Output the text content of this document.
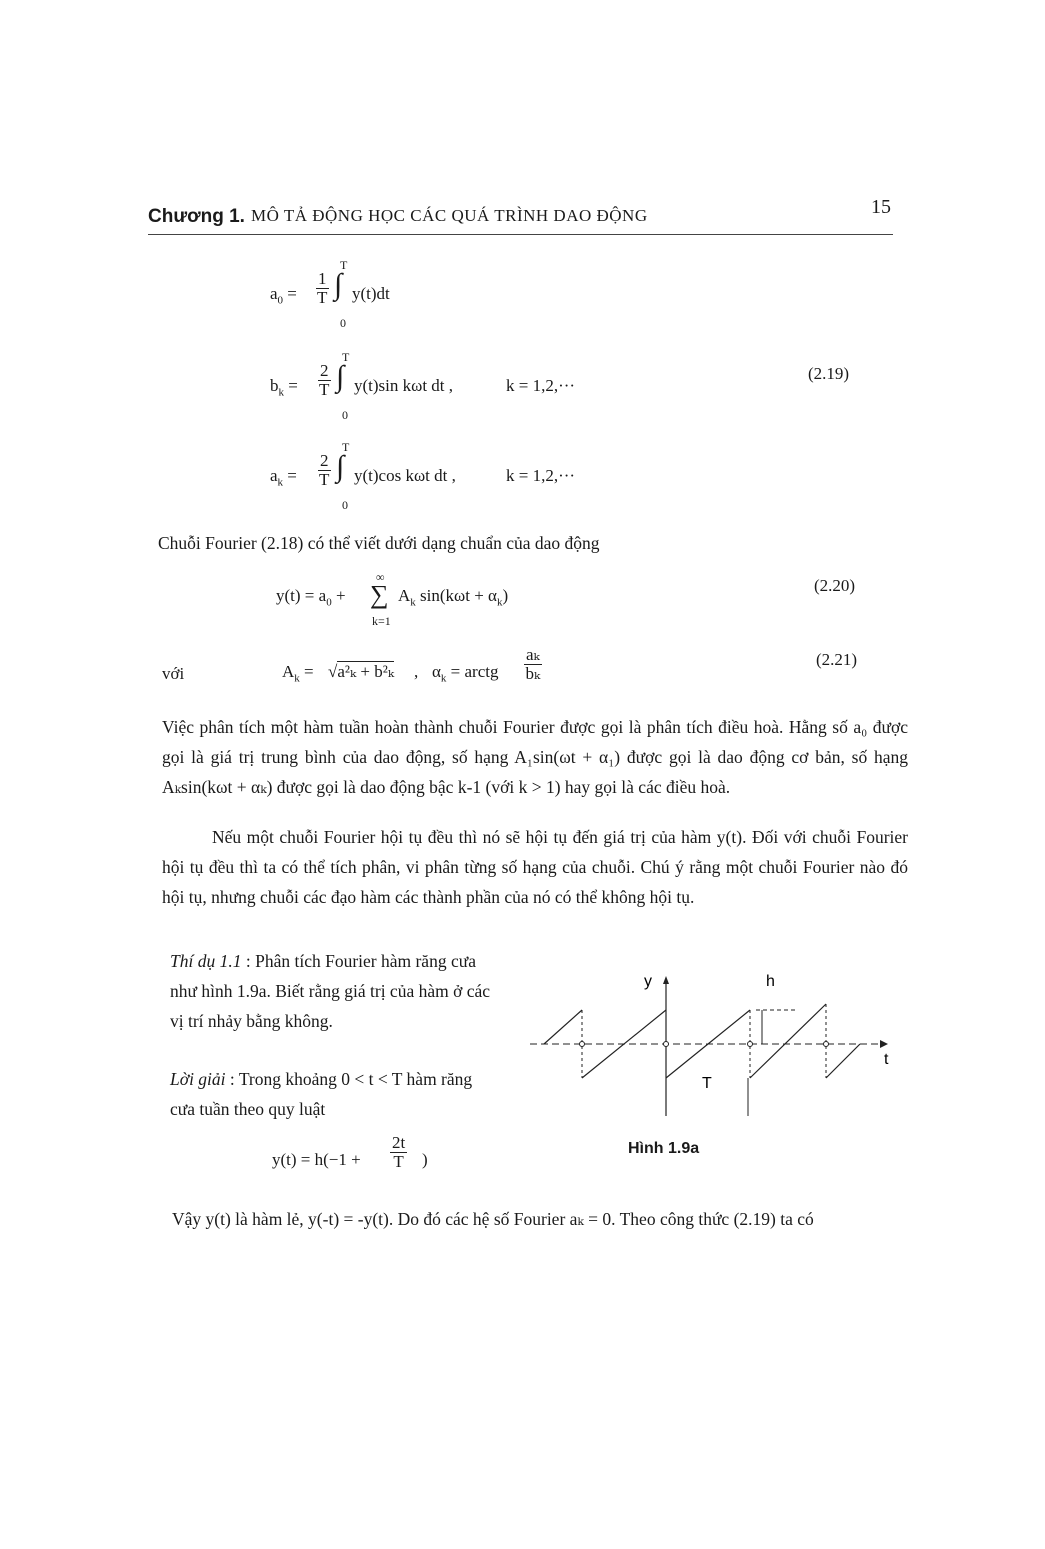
Chương 1. MÔ TẢ ĐỘNG HỌC CÁC QUÁ TRÌNH DAO ĐỘNG	15
$a_0 = \frac{1}{T}$
T
∫
0
y(t)dt
$b_k = \frac{2}{T}$
T
∫
0
y(t)sin kωt dt ,	k = 1,2,···
(2.19)
$a_k = \frac{2}{T}$
T
∫
0
y(t)cos kωt dt ,	k = 1,2,···
Chuỗi Fourier (2.18) có thể viết dưới dạng chuẩn của dao động
$y(t) = a_0$ +
∞
∑
k=1
$A_k$ $\sin(k\omega t + \alpha_k)$
(2.20)
với	$A_k = √a^2_k + b^2_k$ , $\alpha_k$ = arctg $\frac{\text{aₖ}}{\text{bₖ}}$	(2.21)
Việc phân tích một hàm tuần hoàn thành chuỗi Fourier được gọi là phân tích điều hoà. Hằng số a₀ được gọi là giá trị trung bình của dao động, số hạng A₁sin(ωt + α₁) được gọi là dao động cơ bản, số hạng Aₖsin(kωt + αₖ) được gọi là dao động bậc k-1 (với k > 1) hay gọi là các điều hoà.
Nếu một chuỗi Fourier hội tụ đều thì nó sẽ hội tụ đến giá trị của hàm y(t). Đối với chuỗi Fourier hội tụ đều thì ta có thể tích phân, vi phân từng số hạng của chuỗi. Chú ý rằng một chuỗi Fourier nào đó hội tụ, nhưng chuỗi các đạo hàm các thành phần của nó có thể không hội tụ.
Thí dụ 1.1 : Phân tích Fourier hàm răng cưa như hình 1.9a. Biết rằng giá trị của hàm ở các vị trí nhảy bằng không.
Lời giải : Trong khoảng 0 < t < T hàm răng cưa tuần theo quy luật
$y(t) = h(-1 + \frac{2t}{T}$ )
y	h
T
t
Hình 1.9a
Vậy y(t) là hàm lẻ, y(-t) = -y(t). Do đó các hệ số Fourier aₖ = 0. Theo công thức (2.19) ta có
